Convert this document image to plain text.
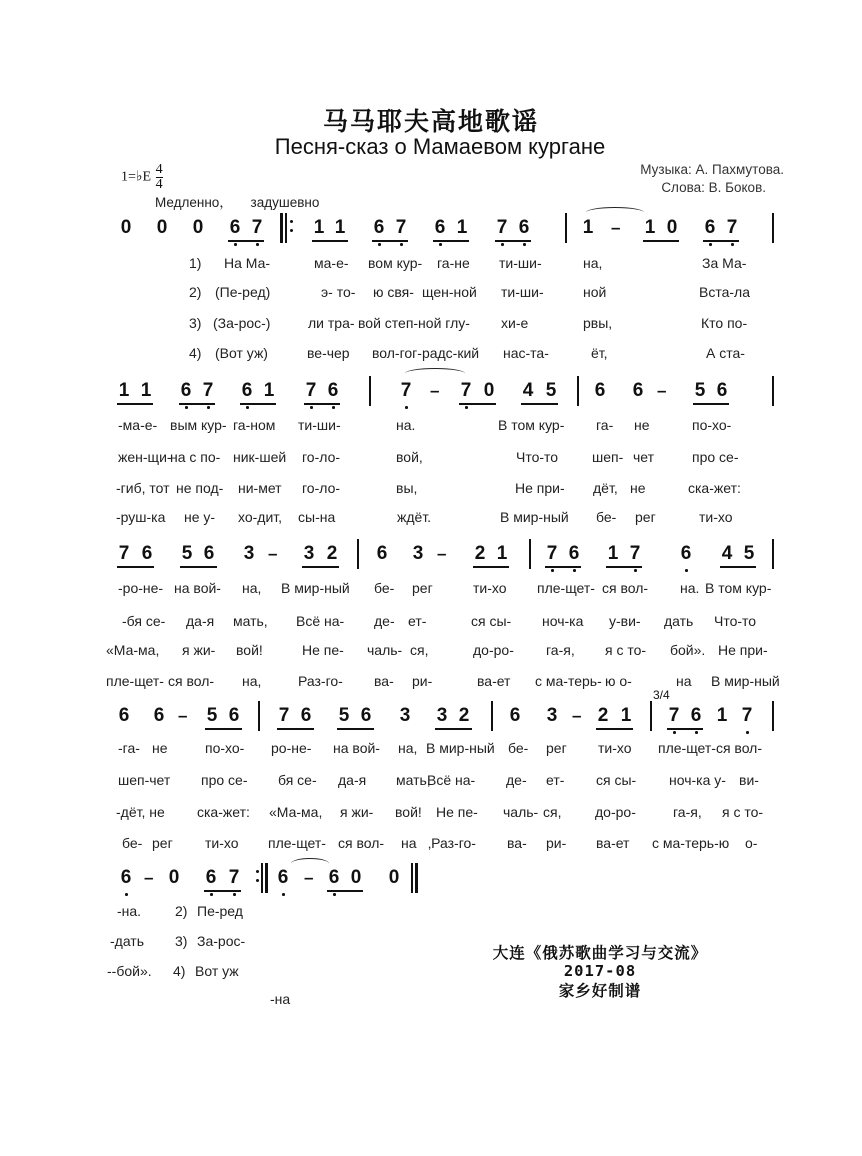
马马耶夫高地歌谣
Песня-сказ о Мамаевом кургане
Музыка: А. Пахмутова.
Слова: В. Боков.
1=♭E $\frac{4}{4}$
Медленно， задушевно
0 0 0 6 7	1 1 6 7 6 1 7 6	1 – 1 0 6 7
1) На Ма-	ма-е- вом кур- га-не ти-ши-	на,	За Ма-
2) (Пе-ред)	э- то- ю свя- щен-ной ти-ши-	ной	Вста-ла
3) (За-рос-)	ли тра- вой степ-ной глу- хи-е	рвы,	Кто по-
4) (Вот уж)	ве-чер вол-гог-радс-кий нас-та-	ёт,	А ста-
1 1 6 7 6 1 7 6	7 – 7 0 4 5 6 6 – 5 6
-ма-е- вым кур- га-ном ти-ши-	на.	В том кур- га- не	по-хо-
жен-щи-
на с по- ник-шей го-ло-	вой,	Что-то шеп- чет	про се-
-гиб, тот не под- ни-мет го-ло-	вы,	Не при- дёт, не	ска-жет:
-руш-ка не у- хо-дит, сы-на	ждёт.	В мир-ный бе- рег	ти-хо
7 6 5 6 3 – 3 2 6 3 – 2 1 7 6 1 7 6 4 5
-ро-не- на вой- на, В мир-ный бе- рег	ти-хо пле-щет- ся вол- на. В том кур-
-бя се- да-я мать, Всё на- де- ет-	ся сы- ноч-ка у-ви- дать Что-то
«Ма-ма, я жи- вой!	Не пе- чаль- ся,	до-ро- га-я, я с то- бой». Не при-
пле-щет- ся вол- на,	Раз-го- ва- ри-	ва-ет с ма-терь- ю о-	на В мир-ный
6 6 – 5 6 7 6 5 6 3 3 2 6 3 – 2 1
3/4
7 6 1 7
-га- не	по-хо- ро-не- на вой- на, В мир-ный бе- рег ти-хо пле-щет-ся вол-
шеп-чет про се- бя се- да-я мать,
Всё на- де- ет- ся сы- ноч-ка у- ви-
-дёт, не ска-жет: «Ма-ма, я жи- вой! Не пе- чаль- ся, до-ро-	га-я, я с то-
бе- рег ти-хо пле-щет- ся вол- на ‚Раз-го- ва- ри- ва-ет с ма-терь-ю о-
6 – 0 6 7 6 – 6 0 0
-на. 2) Пе-ред
-дать 3) За-рос-
--бой». 4) Вот уж
-на
大连《俄苏歌曲学习与交流》
2017-08
家乡好制谱
